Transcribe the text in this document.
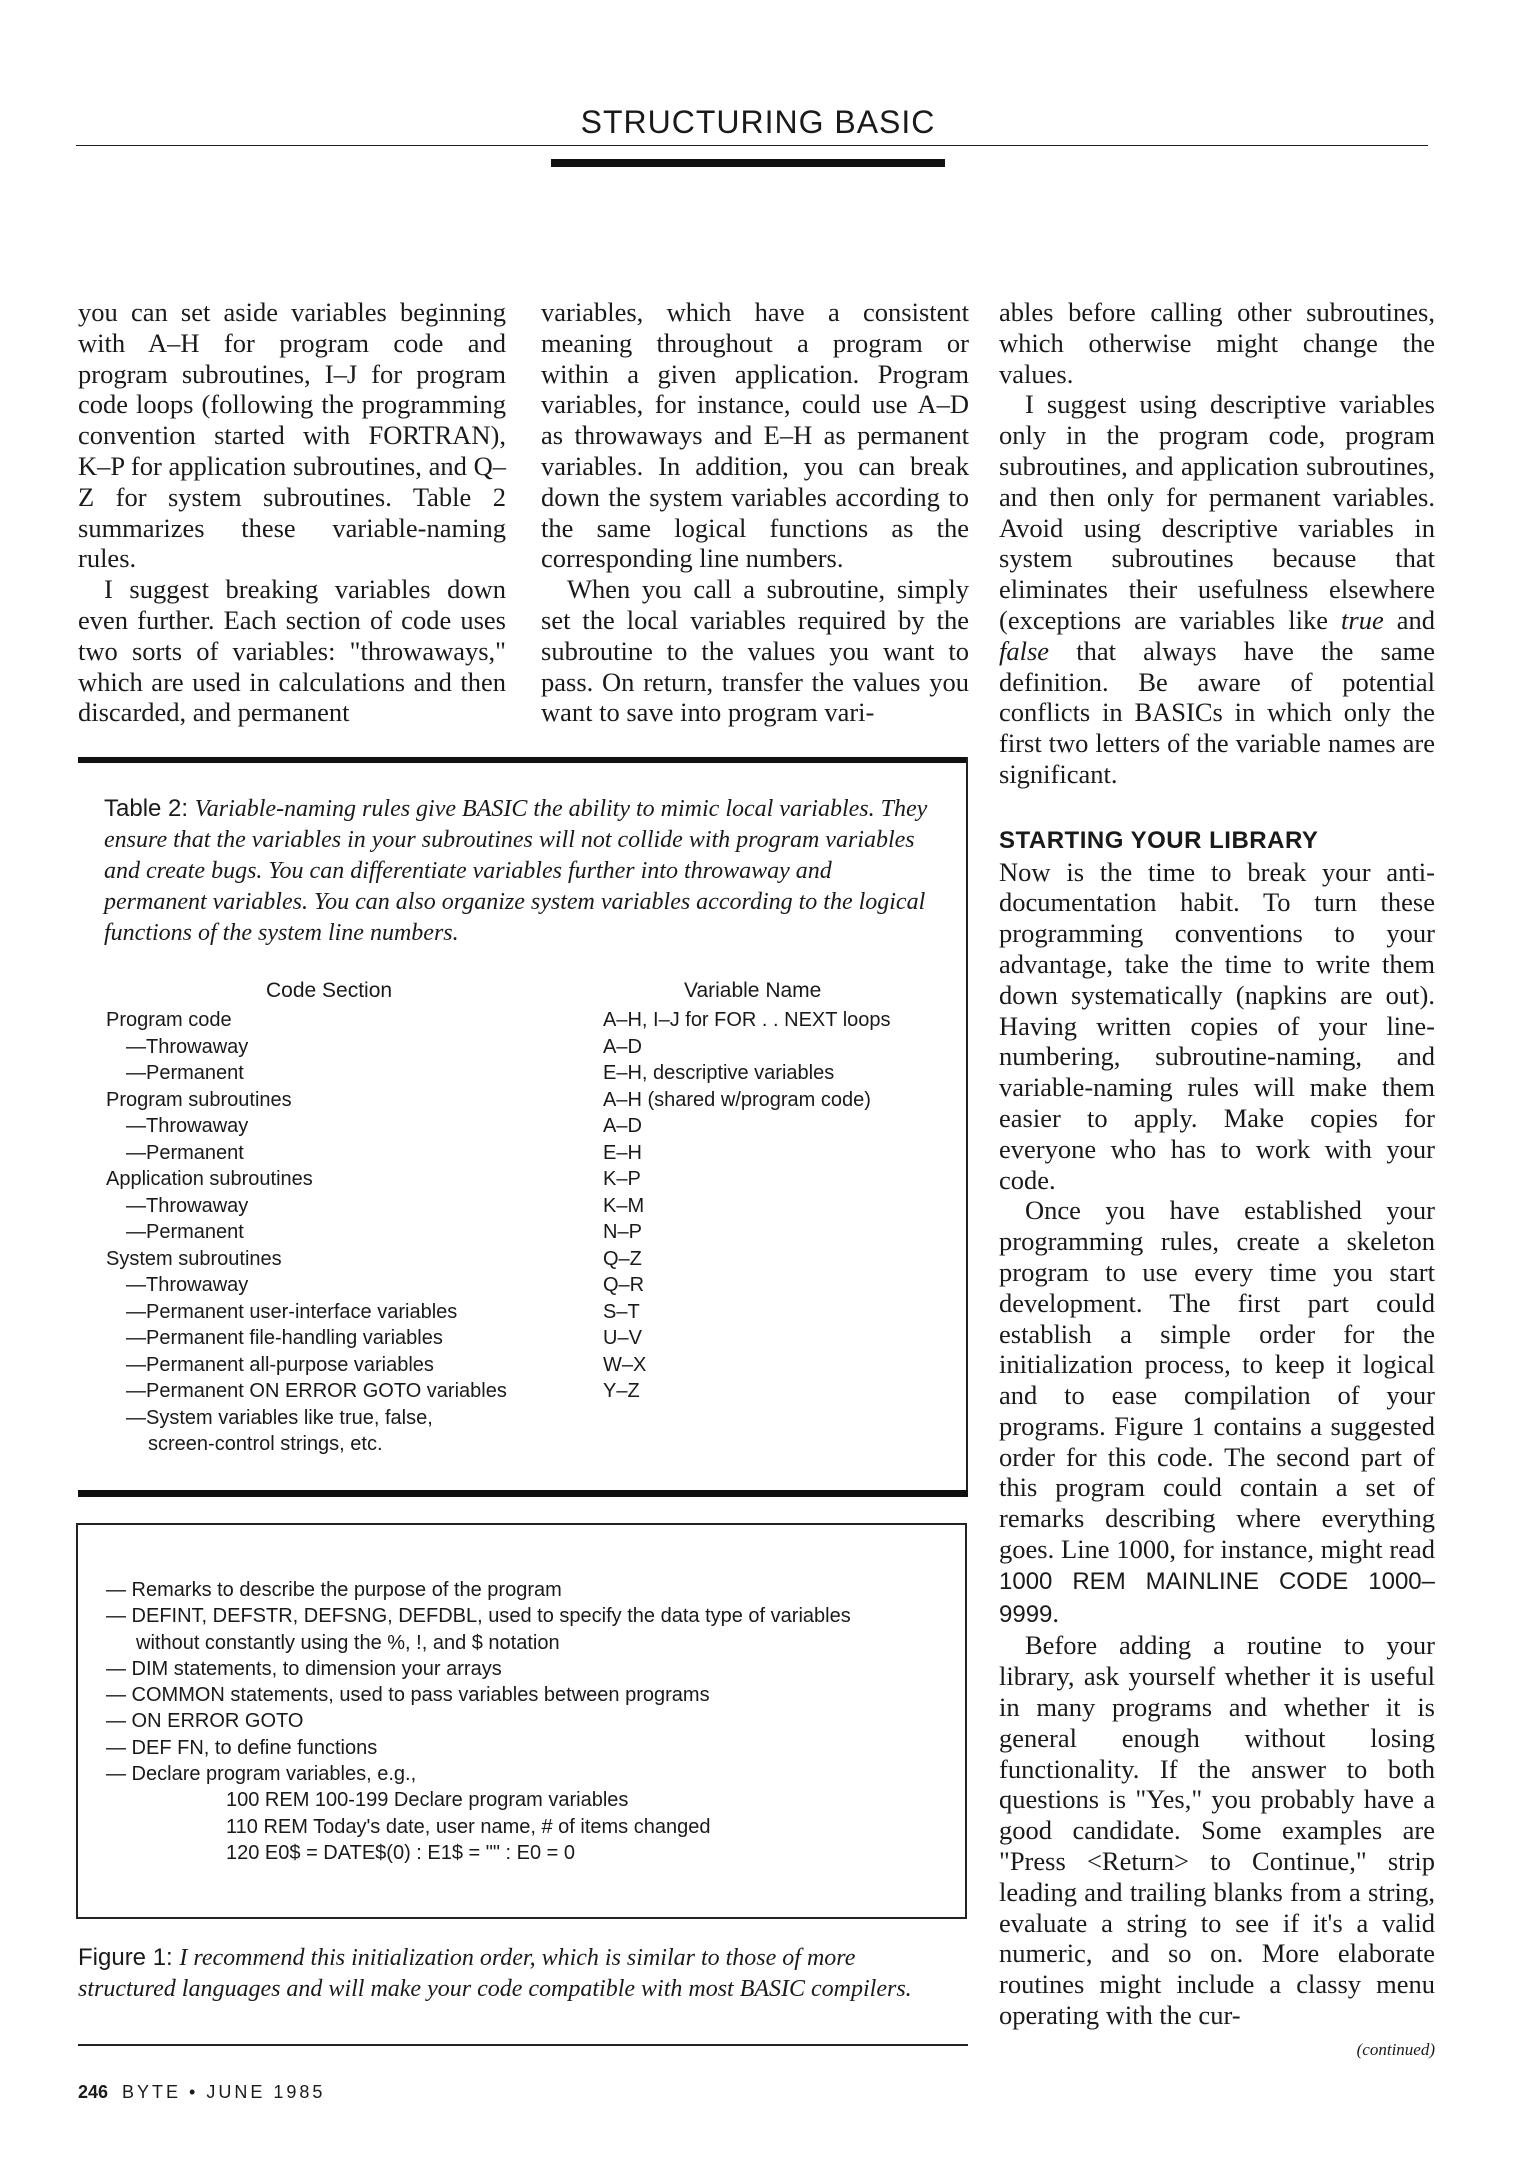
STRUCTURING BASIC

you can set aside variables beginning with A–H for program code and program subroutines, I–J for program code loops (following the programming convention started with FORTRAN), K–P for application subroutines, and Q–Z for system subroutines. Table 2 summarizes these variable-naming rules.

I suggest breaking variables down even further. Each section of code uses two sorts of variables: "throwaways," which are used in calculations and then discarded, and permanent

variables, which have a consistent meaning throughout a program or within a given application. Program variables, for instance, could use A–D as throwaways and E–H as permanent variables. In addition, you can break down the system variables according to the same logical functions as the corresponding line numbers.

When you call a subroutine, simply set the local variables required by the subroutine to the values you want to pass. On return, transfer the values you want to save into program vari-

ables before calling other subroutines, which otherwise might change the values.

I suggest using descriptive variables only in the program code, program subroutines, and application subroutines, and then only for permanent variables. Avoid using descriptive variables in system subroutines because that eliminates their usefulness elsewhere (exceptions are variables like true and false that always have the same definition. Be aware of potential conflicts in BASICs in which only the first two letters of the variable names are significant.

STARTING YOUR LIBRARY

Now is the time to break your anti-documentation habit. To turn these programming conventions to your advantage, take the time to write them down systematically (napkins are out). Having written copies of your line-numbering, subroutine-naming, and variable-naming rules will make them easier to apply. Make copies for everyone who has to work with your code.

Once you have established your programming rules, create a skeleton program to use every time you start development. The first part could establish a simple order for the initialization process, to keep it logical and to ease compilation of your programs. Figure 1 contains a suggested order for this code. The second part of this program could contain a set of remarks describing where everything goes. Line 1000, for instance, might read 1000 REM MAINLINE CODE 1000–9999.

Before adding a routine to your library, ask yourself whether it is useful in many programs and whether it is general enough without losing functionality. If the answer to both questions is "Yes," you probably have a good candidate. Some examples are "Press <Return> to Continue," strip leading and trailing blanks from a string, evaluate a string to see if it's a valid numeric, and so on. More elaborate routines might include a classy menu operating with the cur-

(continued)

Table 2: Variable-naming rules give BASIC the ability to mimic local variables. They ensure that the variables in your subroutines will not collide with program variables and create bugs. You can differentiate variables further into throwaway and permanent variables. You can also organize system variables according to the logical functions of the system line numbers.
Code Section	Variable Name
Program code	A–H, I–J for FOR . . NEXT loops
—Throwaway	A–D
—Permanent	E–H, descriptive variables
Program subroutines	A–H (shared w/program code)
—Throwaway	A–D
—Permanent	E–H
Application subroutines	K–P
—Throwaway	K–M
—Permanent	N–P
System subroutines	Q–Z
—Throwaway	Q–R
—Permanent user-interface variables	S–T
—Permanent file-handling variables	U–V
—Permanent all-purpose variables	W–X
—Permanent ON ERROR GOTO variables	Y–Z
—System variables like true, false,
screen-control strings, etc.
— Remarks to describe the purpose of the program
— DEFINT, DEFSTR, DEFSNG, DEFDBL, used to specify the data type of variables
without constantly using the %, !, and $ notation
— DIM statements, to dimension your arrays
— COMMON statements, used to pass variables between programs
— ON ERROR GOTO
— DEF FN, to define functions
— Declare program variables, e.g.,
100 REM 100-199 Declare program variables
110 REM Today's date, user name, # of items changed
120 E0$ = DATE$(0) : E1$ = "" : E0 = 0
Figure 1: I recommend this initialization order, which is similar to those of more structured languages and will make your code compatible with most BASIC compilers.
246 BYTE • JUNE 1985
